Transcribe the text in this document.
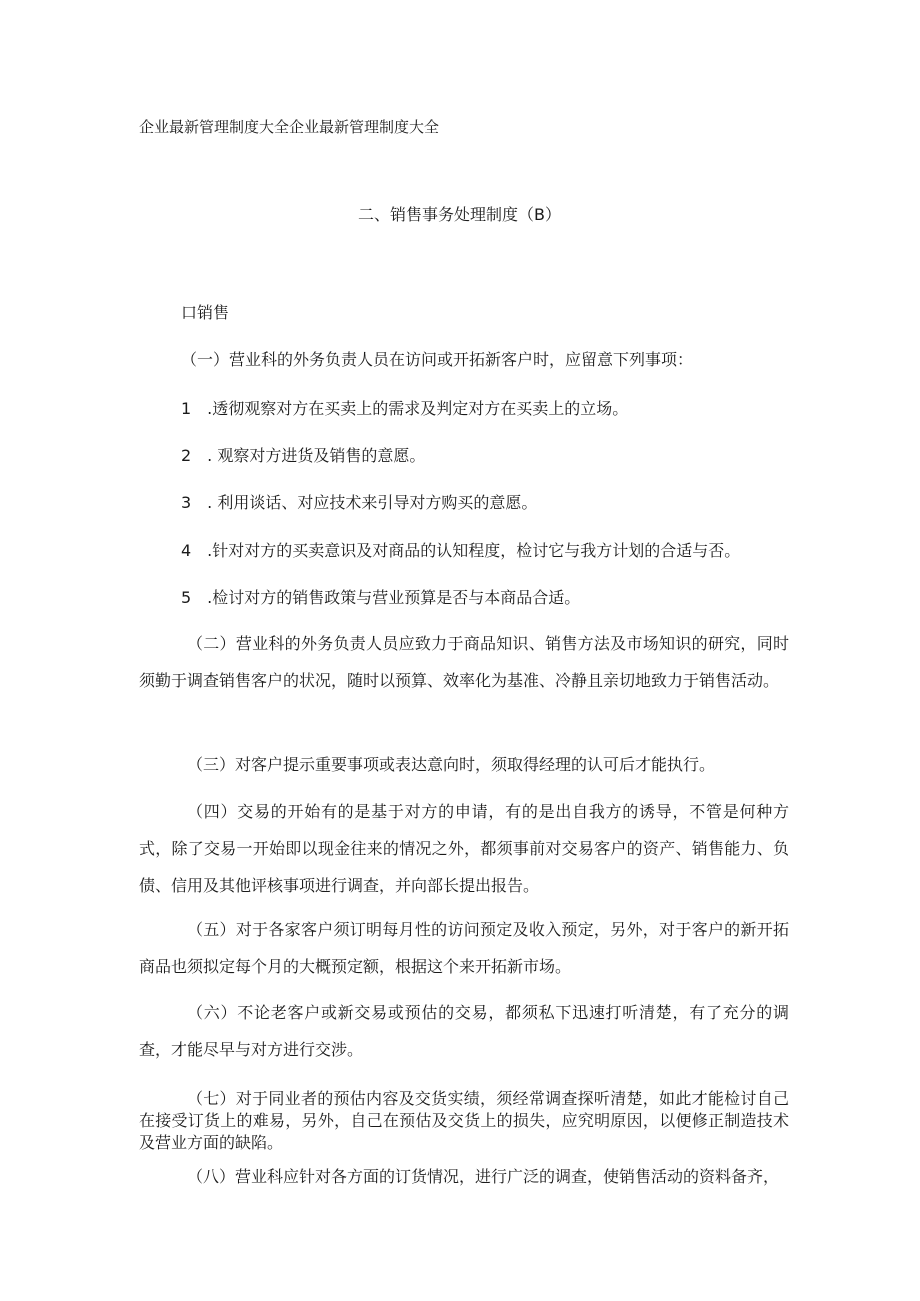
企业最新管理制度大全企业最新管理制度大全
二、销售事务处理制度（B）
口销售
（一）营业科的外务负责人员在访问或开拓新客户时，应留意下列事项：
1　.透彻观察对方在买卖上的需求及判定对方在买卖上的立场。
2　. 观察对方进货及销售的意愿。
3　. 利用谈话、对应技术来引导对方购买的意愿。
4　.针对对方的买卖意识及对商品的认知程度，检讨它与我方计划的合适与否。
5　.检讨对方的销售政策与营业预算是否与本商品合适。
（二）营业科的外务负责人员应致力于商品知识、销售方法及市场知识的研究，同时须勤于调查销售客户的状况，随时以预算、效率化为基准、冷静且亲切地致力于销售活动。
（三）对客户提示重要事项或表达意向时，须取得经理的认可后才能执行。
（四）交易的开始有的是基于对方的申请，有的是出自我方的诱导，不管是何种方式，除了交易一开始即以现金往来的情况之外，都须事前对交易客户的资产、销售能力、负债、信用及其他评核事项进行调查，并向部长提出报告。
（五）对于各家客户须订明每月性的访问预定及收入预定，另外，对于客户的新开拓商品也须拟定每个月的大概预定额，根据这个来开拓新市场。
（六）不论老客户或新交易或预估的交易，都须私下迅速打听清楚，有了充分的调查，才能尽早与对方进行交涉。
（七）对于同业者的预估内容及交货实绩，须经常调查探听清楚，如此才能检讨自己在接受订货上的难易，另外，自己在预估及交货上的损失，应究明原因，以便修正制造技术及营业方面的缺陷。
（八）营业科应针对各方面的订货情况，进行广泛的调查，使销售活动的资料备齐，
